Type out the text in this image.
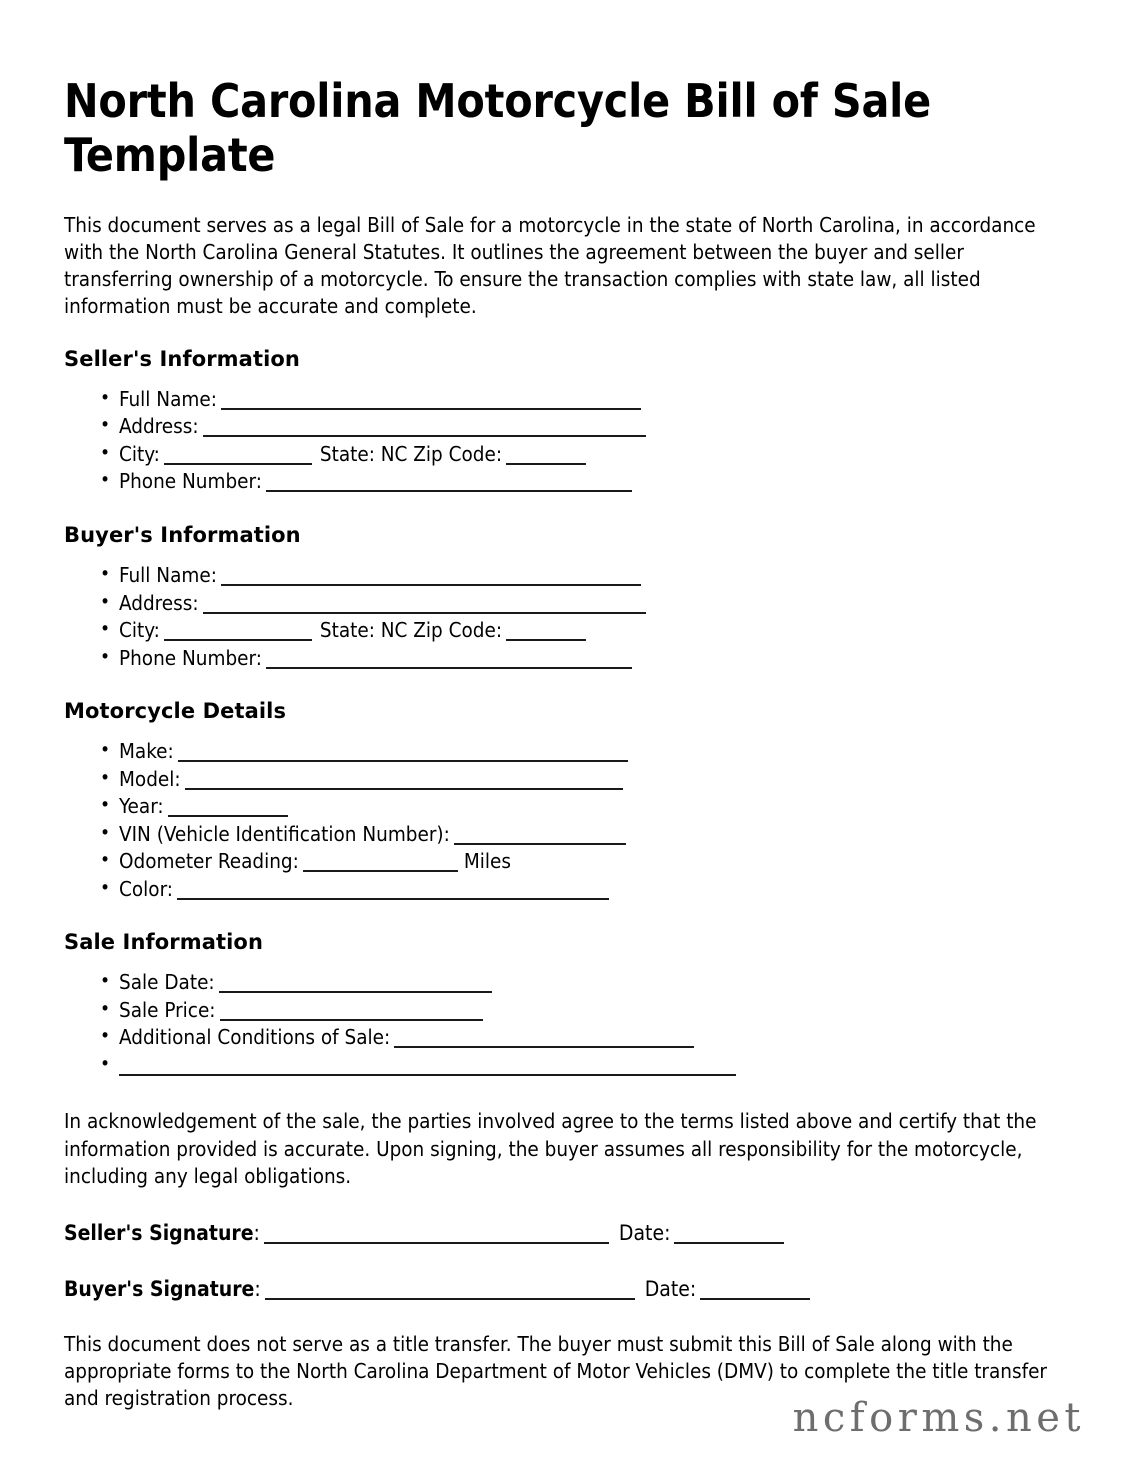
North Carolina Motorcycle Bill of Sale Template

This document serves as a legal Bill of Sale for a motorcycle in the state of North Carolina, in accordance with the North Carolina General Statutes. It outlines the agreement between the buyer and seller transferring ownership of a motorcycle. To ensure the transaction complies with state law, all listed information must be accurate and complete.

Seller's Information
• Full Name:
• Address:
• City:	State: NC Zip Code:
• Phone Number:
Buyer's Information
• Full Name:
• Address:
• City:	State: NC Zip Code:
• Phone Number:
Motorcycle Details
• Make:
• Model:
• Year:
• VIN (Vehicle Identification Number):
• Odometer Reading:	Miles
• Color:
Sale Information
• Sale Date:
• Sale Price:
• Additional Conditions of Sale:
•

In acknowledgement of the sale, the parties involved agree to the terms listed above and certify that the information provided is accurate. Upon signing, the buyer assumes all responsibility for the motorcycle, including any legal obligations.

Seller's Signature:	Date:
Buyer's Signature:	Date:

This document does not serve as a title transfer. The buyer must submit this Bill of Sale along with the appropriate forms to the North Carolina Department of Motor Vehicles (DMV) to complete the title transfer and registration process.	ncforms.net
